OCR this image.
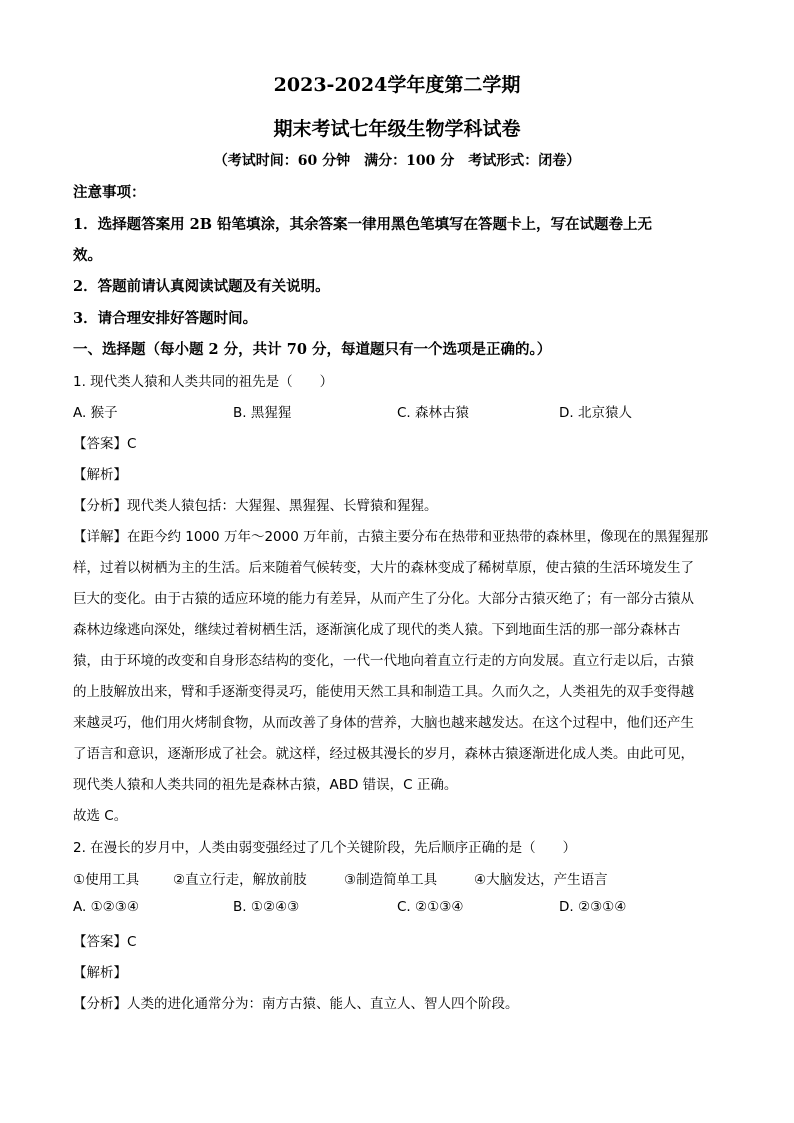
2023-2024学年度第二学期
期末考试七年级生物学科试卷
（考试时间：60 分钟　满分：100 分　考试形式：闭卷）
注意事项：
1．选择题答案用 2B 铅笔填涂，其余答案一律用黑色笔填写在答题卡上，写在试题卷上无
效。
2．答题前请认真阅读试题及有关说明。
3．请合理安排好答题时间。
一、选择题（每小题 2 分，共计 70 分，每道题只有一个选项是正确的。）
1. 现代类人猿和人类共同的祖先是（　　）
A. 猴子	B. 黑猩猩	C. 森林古猿	D. 北京猿人
【答案】C
【解析】
【分析】现代类人猿包括：大猩猩、黑猩猩、长臂猿和猩猩。
【详解】在距今约 1000 万年～2000 万年前，古猿主要分布在热带和亚热带的森林里，像现在的黑猩猩那
样，过着以树栖为主的生活。后来随着气候转变，大片的森林变成了稀树草原，使古猿的生活环境发生了
巨大的变化。由于古猿的适应环境的能力有差异，从而产生了分化。大部分古猿灭绝了；有一部分古猿从
森林边缘逃向深处，继续过着树栖生活，逐渐演化成了现代的类人猿。下到地面生活的那一部分森林古
猿，由于环境的改变和自身形态结构的变化，一代一代地向着直立行走的方向发展。直立行走以后，古猿
的上肢解放出来，臂和手逐渐变得灵巧，能使用天然工具和制造工具。久而久之，人类祖先的双手变得越
来越灵巧，他们用火烤制食物，从而改善了身体的营养，大脑也越来越发达。在这个过程中，他们还产生
了语言和意识，逐渐形成了社会。就这样，经过极其漫长的岁月，森林古猿逐渐进化成人类。由此可见，
现代类人猿和人类共同的祖先是森林古猿，ABD 错误，C 正确。
故选 C。
2. 在漫长的岁月中，人类由弱变强经过了几个关键阶段，先后顺序正确的是（　　）
①使用工具	②直立行走，解放前肢	③制造简单工具	④大脑发达，产生语言
A. ①②③④	B. ①②④③	C. ②①③④	D. ②③①④
【答案】C
【解析】
【分析】人类的进化通常分为：南方古猿、能人、直立人、智人四个阶段。
